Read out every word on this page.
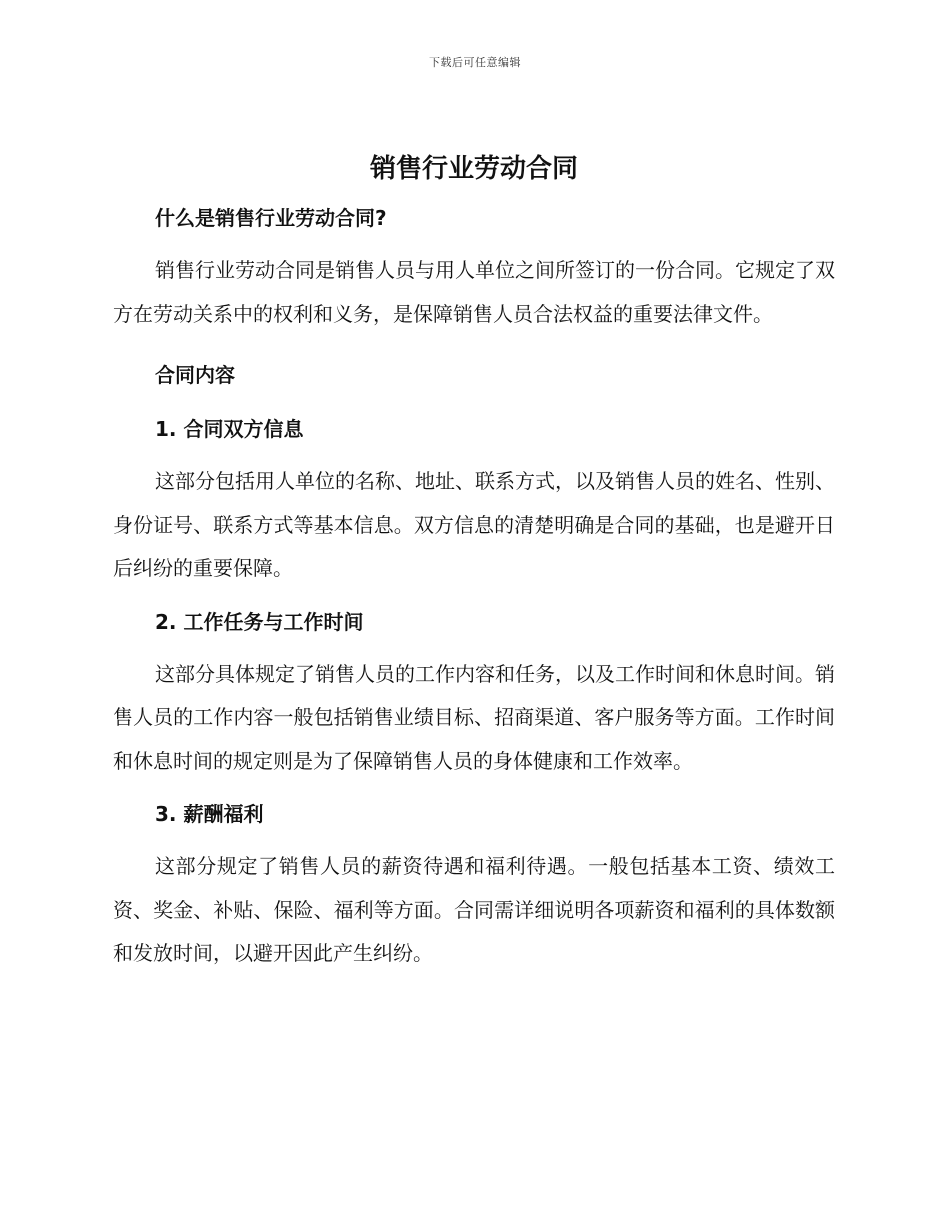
下载后可任意编辑
销售行业劳动合同
什么是销售行业劳动合同?

销售行业劳动合同是销售人员与用人单位之间所签订的一份合同。它规定了双方在劳动关系中的权利和义务，是保障销售人员合法权益的重要法律文件。

合同内容
1. 合同双方信息

这部分包括用人单位的名称、地址、联系方式，以及销售人员的姓名、性别、身份证号、联系方式等基本信息。双方信息的清楚明确是合同的基础，也是避开日后纠纷的重要保障。

2. 工作任务与工作时间

这部分具体规定了销售人员的工作内容和任务，以及工作时间和休息时间。销售人员的工作内容一般包括销售业绩目标、招商渠道、客户服务等方面。工作时间和休息时间的规定则是为了保障销售人员的身体健康和工作效率。

3. 薪酬福利

这部分规定了销售人员的薪资待遇和福利待遇。一般包括基本工资、绩效工资、奖金、补贴、保险、福利等方面。合同需详细说明各项薪资和福利的具体数额和发放时间，以避开因此产生纠纷。
